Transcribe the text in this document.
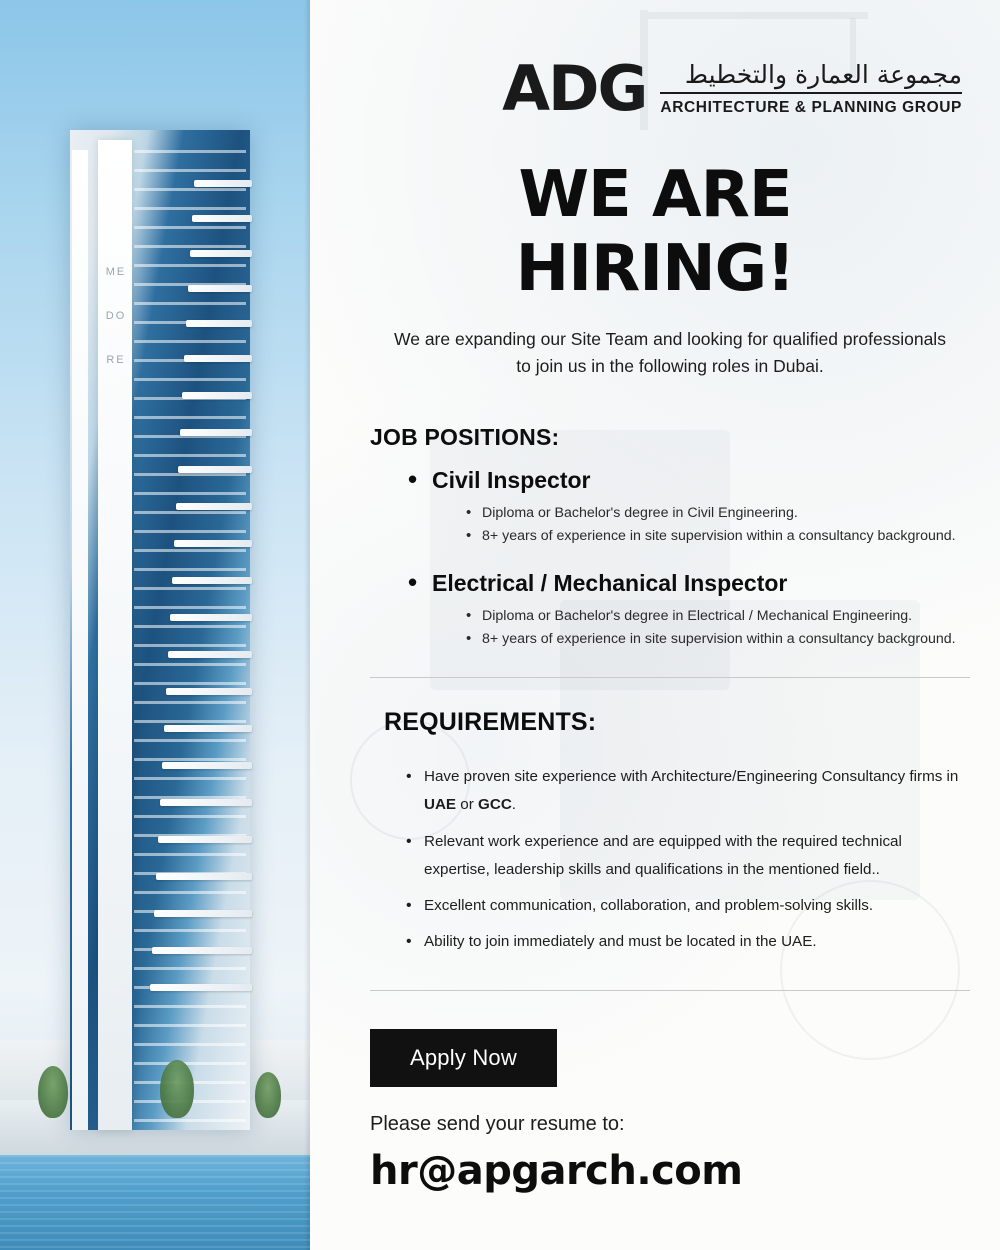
ME
DO
RE
ADG مجموعة العمارة والتخطيط
ARCHITECTURE & PLANNING GROUP
WE ARE HIRING!

We are expanding our Site Team and looking for qualified professionals to join us in the following roles in Dubai.

JOB POSITIONS:
• Civil Inspector
• Diploma or Bachelor's degree in Civil Engineering.
• 8+ years of experience in site supervision within a consultancy background.
• Electrical / Mechanical Inspector
• Diploma or Bachelor's degree in Electrical / Mechanical Engineering.
• 8+ years of experience in site supervision within a consultancy background.
REQUIREMENTS:
• Have proven site experience with Architecture/Engineering Consultancy firms in UAE or GCC.
• Relevant work experience and are equipped with the required technical expertise, leadership skills and qualifications in the mentioned field..
• Excellent communication, collaboration, and problem-solving skills.
• Ability to join immediately and must be located in the UAE.
Apply Now
Please send your resume to:
hr@apgarch.com
